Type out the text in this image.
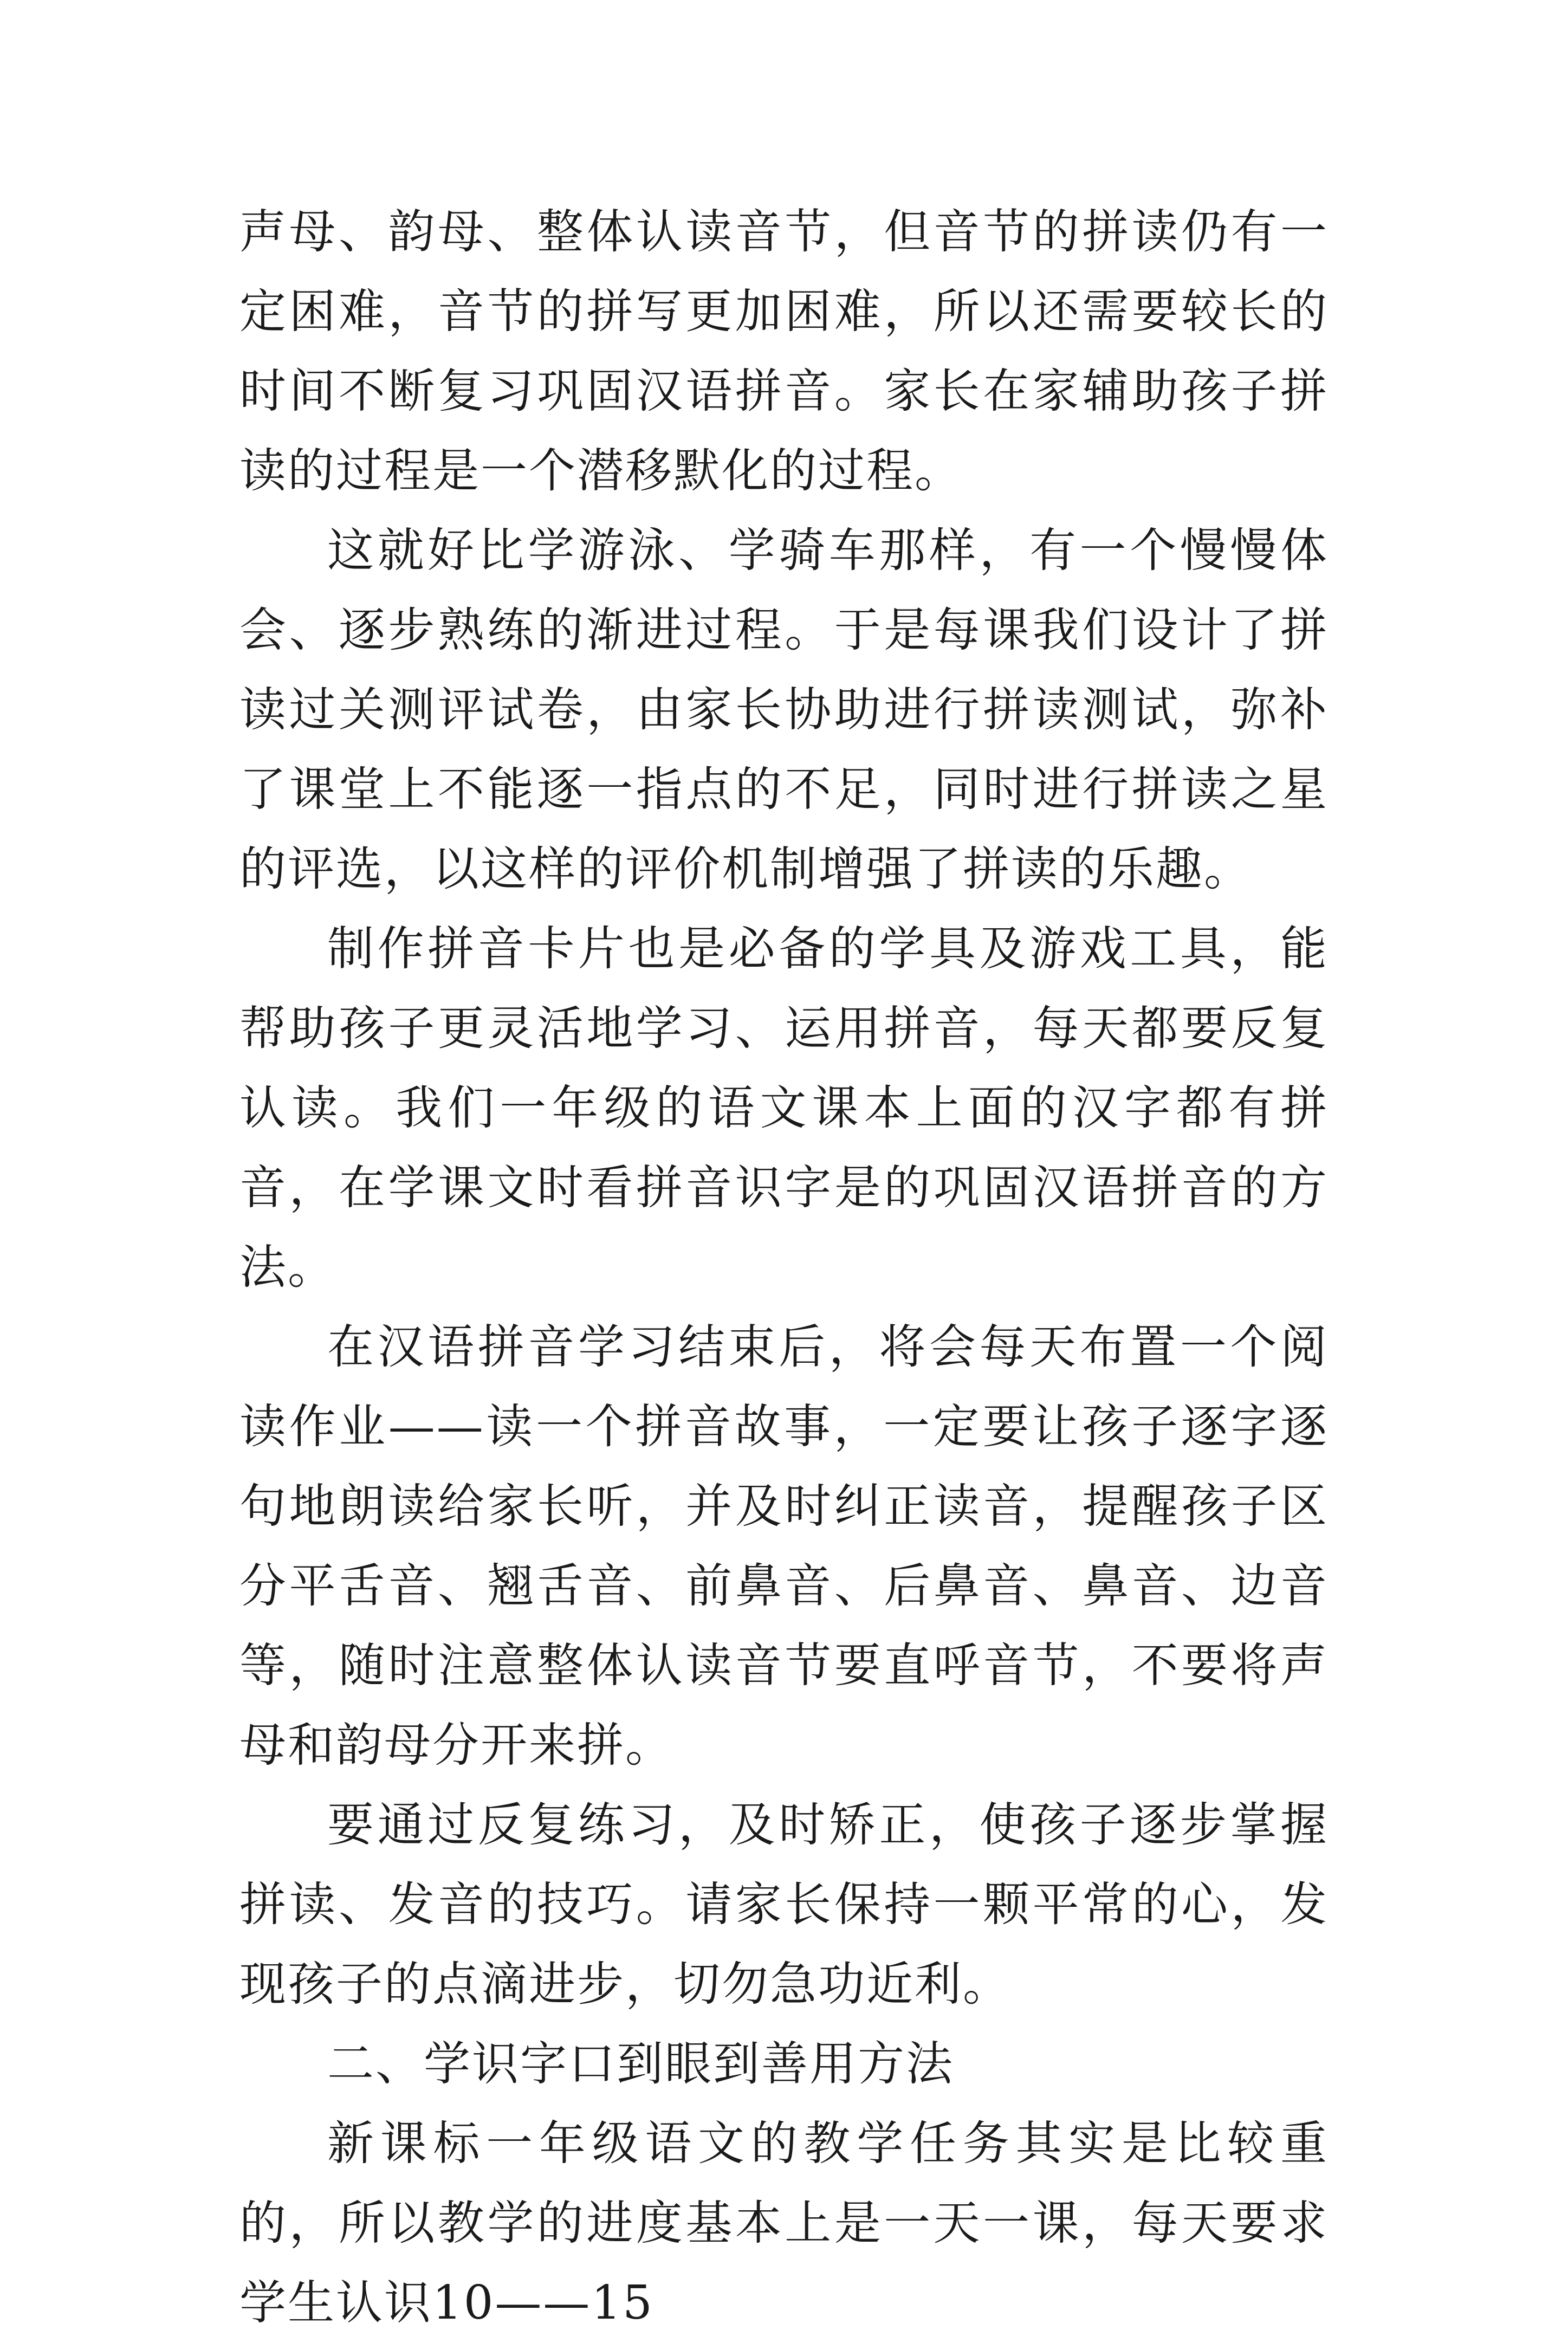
声母、韵母、整体认读音节，但音节的拼读仍有一定困难，音节的拼写更加困难，所以还需要较长的时间不断复习巩固汉语拼音。家长在家辅助孩子拼读的过程是一个潜移默化的过程。

这就好比学游泳、学骑车那样，有一个慢慢体会、逐步熟练的渐进过程。于是每课我们设计了拼读过关测评试卷，由家长协助进行拼读测试，弥补了课堂上不能逐一指点的不足，同时进行拼读之星的评选，以这样的评价机制增强了拼读的乐趣。

制作拼音卡片也是必备的学具及游戏工具，能帮助孩子更灵活地学习、运用拼音，每天都要反复认读。我们一年级的语文课本上面的汉字都有拼音，在学课文时看拼音识字是的巩固汉语拼音的方法。

在汉语拼音学习结束后，将会每天布置一个阅读作业——读一个拼音故事，一定要让孩子逐字逐句地朗读给家长听，并及时纠正读音，提醒孩子区分平舌音、翘舌音、前鼻音、后鼻音、鼻音、边音等，随时注意整体认读音节要直呼音节，不要将声母和韵母分开来拼。

要通过反复练习，及时矫正，使孩子逐步掌握拼读、发音的技巧。请家长保持一颗平常的心，发现孩子的点滴进步，切勿急功近利。

二、学识字口到眼到善用方法

新课标一年级语文的教学任务其实是比较重的，所以教学的进度基本上是一天一课，每天要求学生认识10——15
